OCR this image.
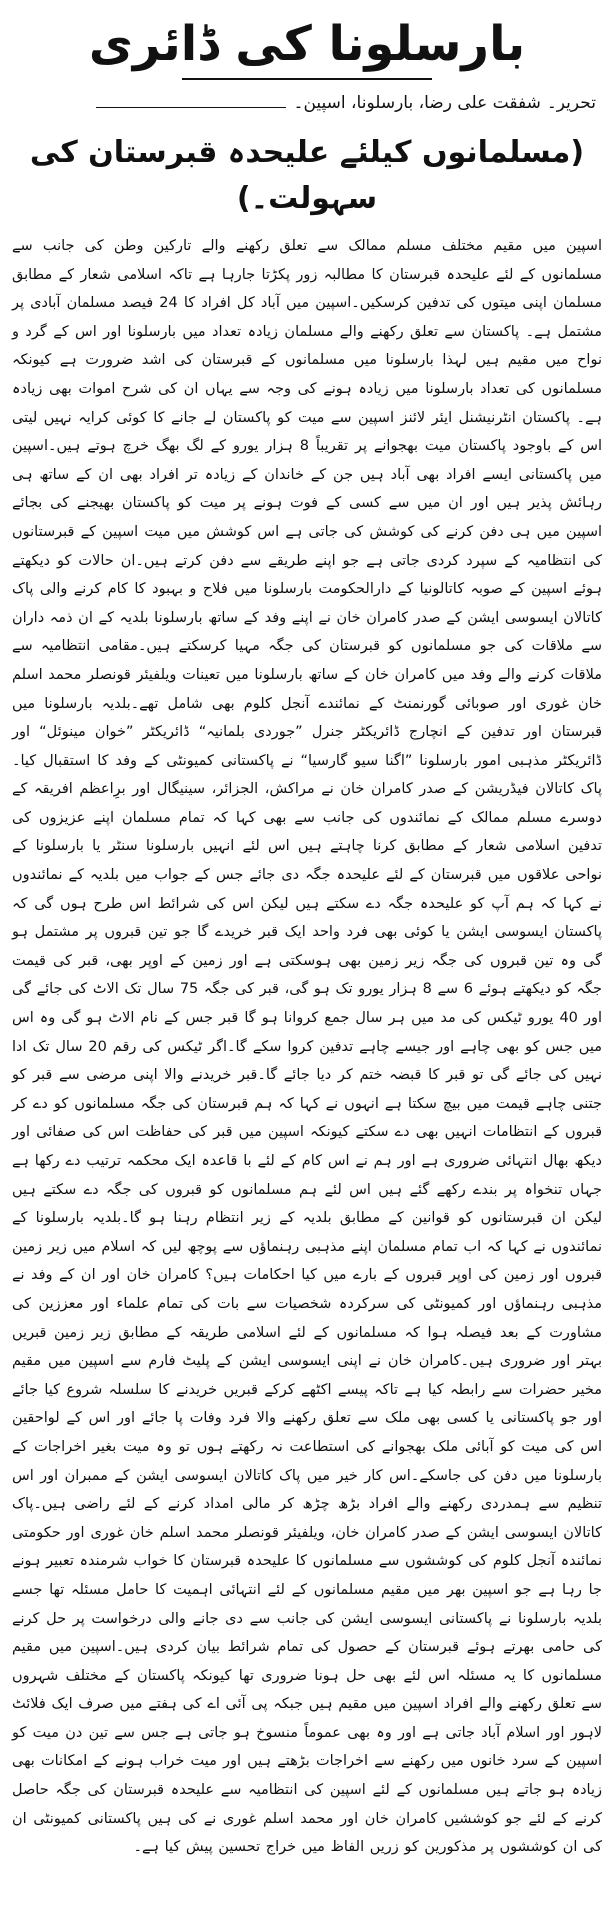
بارسلونا کی ڈائری
تحریر۔
شفقت علی رضا، بارسلونا، اسپین۔
(مسلمانوں کیلئے علیحدہ قبرستان کی سہولت۔)

اسپین میں مقیم مختلف مسلم ممالک سے تعلق رکھنے والے تارکین وطن کی جانب سے مسلمانوں کے لئے علیحدہ قبرستان کا مطالبہ زور پکڑتا جارہا ہے تاکہ اسلامی شعار کے مطابق مسلمان اپنی میتوں کی تدفین کرسکیں۔اسپین میں آباد کل افراد کا 24 فیصد مسلمان آبادی پر مشتمل ہے۔ پاکستان سے تعلق رکھنے والے مسلمان زیادہ تعداد میں بارسلونا اور اس کے گرد و نواح میں مقیم ہیں لہذا بارسلونا میں مسلمانوں کے قبرستان کی اشد ضرورت ہے کیونکہ مسلمانوں کی تعداد بارسلونا میں زیادہ ہونے کی وجہ سے یہاں ان کی شرح اموات بھی زیادہ ہے۔ پاکستان انٹرنیشنل ایئر لائنز اسپین سے میت کو پاکستان لے جانے کا کوئی کرایہ نہیں لیتی اس کے باوجود پاکستان میت بھجوانے پر تقریباً 8 ہزار یورو کے لگ بھگ خرچ ہوتے ہیں۔اسپین میں پاکستانی ایسے افراد بھی آباد ہیں جن کے خاندان کے زیادہ تر افراد بھی ان کے ساتھ ہی رہائش پذیر ہیں اور ان میں سے کسی کے فوت ہونے پر میت کو پاکستان بھیجنے کی بجائے اسپین میں ہی دفن کرنے کی کوشش کی جاتی ہے اس کوشش میں میت اسپین کے قبرستانوں کی انتظامیہ کے سپرد کردی جاتی ہے جو اپنے طریقے سے دفن کرتے ہیں۔ان حالات کو دیکھتے ہوئے اسپین کے صوبہ کاتالونیا کے دارالحکومت بارسلونا میں فلاح و بہبود کا کام کرنے والی پاک کاتالان ایسوسی ایشن کے صدر کامران خان نے اپنے وفد کے ساتھ بارسلونا بلدیہ کے ان ذمہ داران سے ملاقات کی جو مسلمانوں کو قبرستان کی جگہ مہیا کرسکتے ہیں۔مقامی انتظامیہ سے ملاقات کرنے والے وفد میں کامران خان کے ساتھ بارسلونا میں تعینات ویلفیئر قونصلر محمد اسلم خان غوری اور صوبائی گورنمنٹ کے نمائندے آنجل کلوم بھی شامل تھے۔بلدیہ بارسلونا میں قبرستان اور تدفین کے انچارج ڈائریکٹر جنرل ”جوردی بلمانیہ“ ڈائریکٹر ”خوان مینوئل“ اور ڈائریکٹر مذہبی امور بارسلونا ”اگنا سیو گارسیا“ نے پاکستانی کمیونٹی کے وفد کا استقبال کیا۔پاک کاتالان فیڈریشن کے صدر کامران خان نے مراکش، الجزائر، سینیگال اور برِاعظم افریقہ کے دوسرے مسلم ممالک کے نمائندوں کی جانب سے بھی کہا کہ تمام مسلمان اپنے عزیزوں کی تدفین اسلامی شعار کے مطابق کرنا چاہتے ہیں اس لئے انہیں بارسلونا سنٹر یا بارسلونا کے نواحی علاقوں میں قبرستان کے لئے علیحدہ جگہ دی جائے جس کے جواب میں بلدیہ کے نمائندوں نے کہا کہ ہم آپ کو علیحدہ جگہ دے سکتے ہیں لیکن اس کی شرائط اس طرح ہوں گی کہ پاکستان ایسوسی ایشن یا کوئی بھی فرد واحد ایک قبر خریدے گا جو تین قبروں پر مشتمل ہو گی وہ تین قبروں کی جگہ زیر زمین بھی ہوسکتی ہے اور زمین کے اوپر بھی، قبر کی قیمت جگہ کو دیکھتے ہوئے 6 سے 8 ہزار یورو تک ہو گی، قبر کی جگہ 75 سال تک الاٹ کی جائے گی اور 40 یورو ٹیکس کی مد میں ہر سال جمع کروانا ہو گا قبر جس کے نام الاٹ ہو گی وہ اس میں جس کو بھی چاہے اور جیسے چاہے تدفین کروا سکے گا۔اگر ٹیکس کی رقم 20 سال تک ادا نہیں کی جائے گی تو قبر کا قبضہ ختم کر دیا جائے گا۔قبر خریدنے والا اپنی مرضی سے قبر کو جتنی چاہے قیمت میں بیچ سکتا ہے انہوں نے کہا کہ ہم قبرستان کی جگہ مسلمانوں کو دے کر قبروں کے انتظامات انہیں بھی دے سکتے کیونکہ اسپین میں قبر کی حفاظت اس کی صفائی اور دیکھ بھال انتہائی ضروری ہے اور ہم نے اس کام کے لئے با قاعدہ ایک محکمہ ترتیب دے رکھا ہے جہاں تنخواہ پر بندے رکھے گئے ہیں اس لئے ہم مسلمانوں کو قبروں کی جگہ دے سکتے ہیں لیکن ان قبرستانوں کو قوانین کے مطابق بلدیہ کے زیر انتظام رہنا ہو گا۔بلدیہ بارسلونا کے نمائندوں نے کہا کہ اب تمام مسلمان اپنے مذہبی رہنماؤں سے پوچھ لیں کہ اسلام میں زیر زمین قبروں اور زمین کی اوپر قبروں کے بارے میں کیا احکامات ہیں؟ کامران خان اور ان کے وفد نے مذہبی رہنماؤں اور کمیونٹی کی سرکردہ شخصیات سے بات کی تمام علماء اور معززین کی مشاورت کے بعد فیصلہ ہوا کہ مسلمانوں کے لئے اسلامی طریقہ کے مطابق زیر زمین قبریں بہتر اور ضروری ہیں۔کامران خان نے اپنی ایسوسی ایشن کے پلیٹ فارم سے اسپین میں مقیم مخیر حضرات سے رابطہ کیا ہے تاکہ پیسے اکٹھے کرکے قبریں خریدنے کا سلسلہ شروع کیا جائے اور جو پاکستانی یا کسی بھی ملک سے تعلق رکھنے والا فرد وفات پا جائے اور اس کے لواحقین اس کی میت کو آبائی ملک بھجوانے کی استطاعت نہ رکھتے ہوں تو وہ میت بغیر اخراجات کے بارسلونا میں دفن کی جاسکے۔اس کار خیر میں پاک کاتالان ایسوسی ایشن کے ممبران اور اس تنظیم سے ہمدردی رکھنے والے افراد بڑھ چڑھ کر مالی امداد کرنے کے لئے راضی ہیں۔پاک کاتالان ایسوسی ایشن کے صدر کامران خان، ویلفیئر قونصلر محمد اسلم خان غوری اور حکومتی نمائندہ آنجل کلوم کی کوششوں سے مسلمانوں کا علیحدہ قبرستان کا خواب شرمندہ تعبیر ہونے جا رہا ہے جو اسپین بھر میں مقیم مسلمانوں کے لئے انتہائی اہمیت کا حامل مسئلہ تھا جسے بلدیہ بارسلونا نے پاکستانی ایسوسی ایشن کی جانب سے دی جانے والی درخواست پر حل کرنے کی حامی بھرتے ہوئے قبرستان کے حصول کی تمام شرائط بیان کردی ہیں۔اسپین میں مقیم مسلمانوں کا یہ مسئلہ اس لئے بھی حل ہونا ضروری تھا کیونکہ پاکستان کے مختلف شہروں سے تعلق رکھنے والے افراد اسپین میں مقیم ہیں جبکہ پی آئی اے کی ہفتے میں صرف ایک فلائٹ لاہور اور اسلام آباد جاتی ہے اور وہ بھی عموماً منسوخ ہو جاتی ہے جس سے تین دن میت کو اسپین کے سرد خانوں میں رکھنے سے اخراجات بڑھتے ہیں اور میت خراب ہونے کے امکانات بھی زیادہ ہو جاتے ہیں مسلمانوں کے لئے اسپین کی انتظامیہ سے علیحدہ قبرستان کی جگہ حاصل کرنے کے لئے جو کوششیں کامران خان اور محمد اسلم غوری نے کی ہیں پاکستانی کمیونٹی ان کی ان کوششوں پر مذکورین کو زریں الفاظ میں خراج تحسین پیش کیا ہے۔
